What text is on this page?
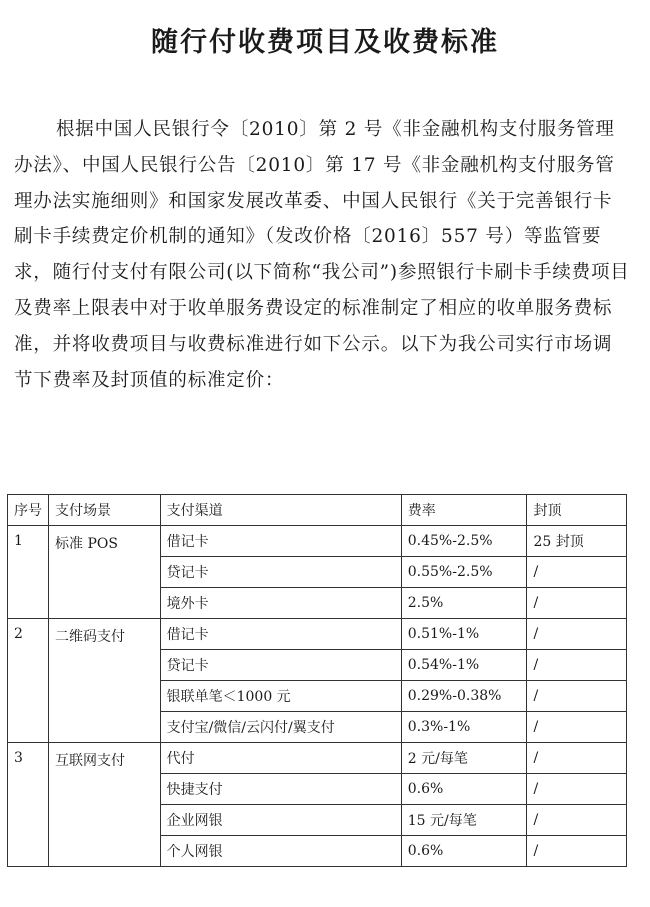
随行付收费项目及收费标准
根据中国人民银行令〔2010〕第 2 号《非金融机构支付服务管理办法》、中国人民银行公告〔2010〕第 17 号《非金融机构支付服务管理办法实施细则》和国家发展改革委、中国人民银行《关于完善银行卡刷卡手续费定价机制的通知》（发改价格〔2016〕557 号）等监管要求，随行付支付有限公司(以下简称“我公司”)参照银行卡刷卡手续费项目及费率上限表中对于收单服务费设定的标准制定了相应的收单服务费标准，并将收费项目与收费标准进行如下公示。以下为我公司实行市场调节下费率及封顶值的标准定价：
序号	支付场景	支付渠道	费率	封顶
1	标准 POS	借记卡	0.45%-2.5%	25 封顶
		贷记卡	0.55%-2.5%	/
		境外卡	2.5%	/
2	二维码支付	借记卡	0.51%-1%	/
		贷记卡	0.54%-1%	/
		银联单笔＜1000 元	0.29%-0.38%	/
		支付宝/微信/云闪付/翼支付	0.3%-1%	/
3	互联网支付	代付	2 元/每笔	/
		快捷支付	0.6%	/
		企业网银	15 元/每笔	/
		个人网银	0.6%	/
